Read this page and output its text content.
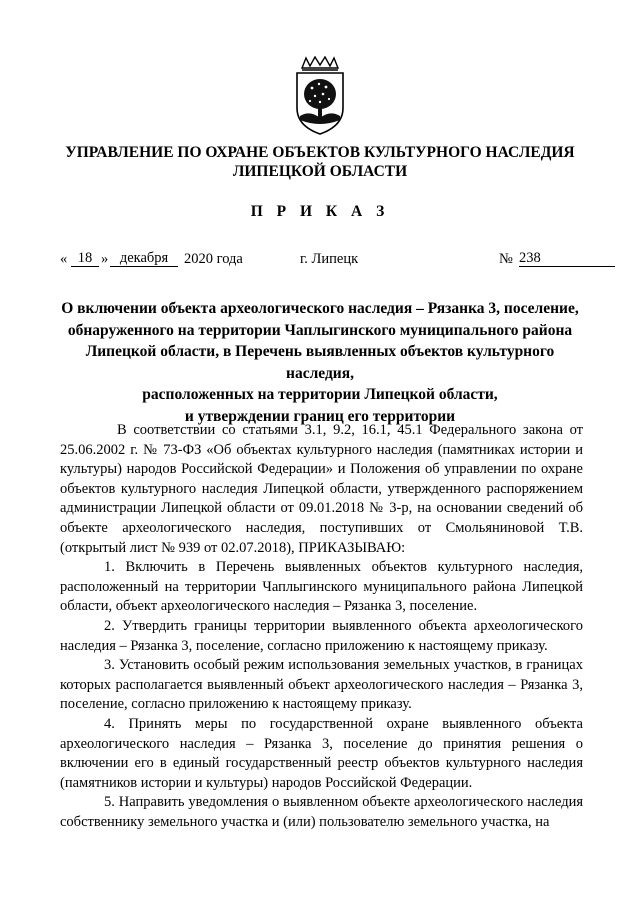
УПРАВЛЕНИЕ ПО ОХРАНЕ ОБЪЕКТОВ КУЛЬТУРНОГО НАСЛЕДИЯ
ЛИПЕЦКОЙ ОБЛАСТИ
П Р И К А З
« 18 » декабря	2020 года	г. Липецк	№ 238
О включении объекта археологического наследия – Рязанка 3, поселение,
обнаруженного на территории Чаплыгинского муниципального района
Липецкой области, в Перечень выявленных объектов культурного наследия,
расположенных на территории Липецкой области,
и утверждении границ его территории

В соответствии со статьями 3.1, 9.2, 16.1, 45.1 Федерального закона от 25.06.2002 г. № 73-ФЗ «Об объектах культурного наследия (памятниках истории и культуры) народов Российской Федерации» и Положения об управлении по охране объектов культурного наследия Липецкой области, утвержденного распоряжением администрации Липецкой области от 09.01.2018 № 3-р, на основании сведений об объекте археологического наследия, поступивших от Смольяниновой Т.В. (открытый лист № 939 от 02.07.2018), ПРИКАЗЫВАЮ:

1. Включить в Перечень выявленных объектов культурного наследия, расположенный на территории Чаплыгинского муниципального района Липецкой области, объект археологического наследия – Рязанка 3, поселение.

2. Утвердить границы территории выявленного объекта археологического наследия – Рязанка 3, поселение, согласно приложению к настоящему приказу.

3. Установить особый режим использования земельных участков, в границах которых располагается выявленный объект археологического наследия – Рязанка 3, поселение, согласно приложению к настоящему приказу.

4. Принять меры по государственной охране выявленного объекта археологического наследия – Рязанка 3, поселение до принятия решения о включении его в единый государственный реестр объектов культурного наследия (памятников истории и культуры) народов Российской Федерации.

5. Направить уведомления о выявленном объекте археологического наследия собственнику земельного участка и (или) пользователю земельного участка, на
